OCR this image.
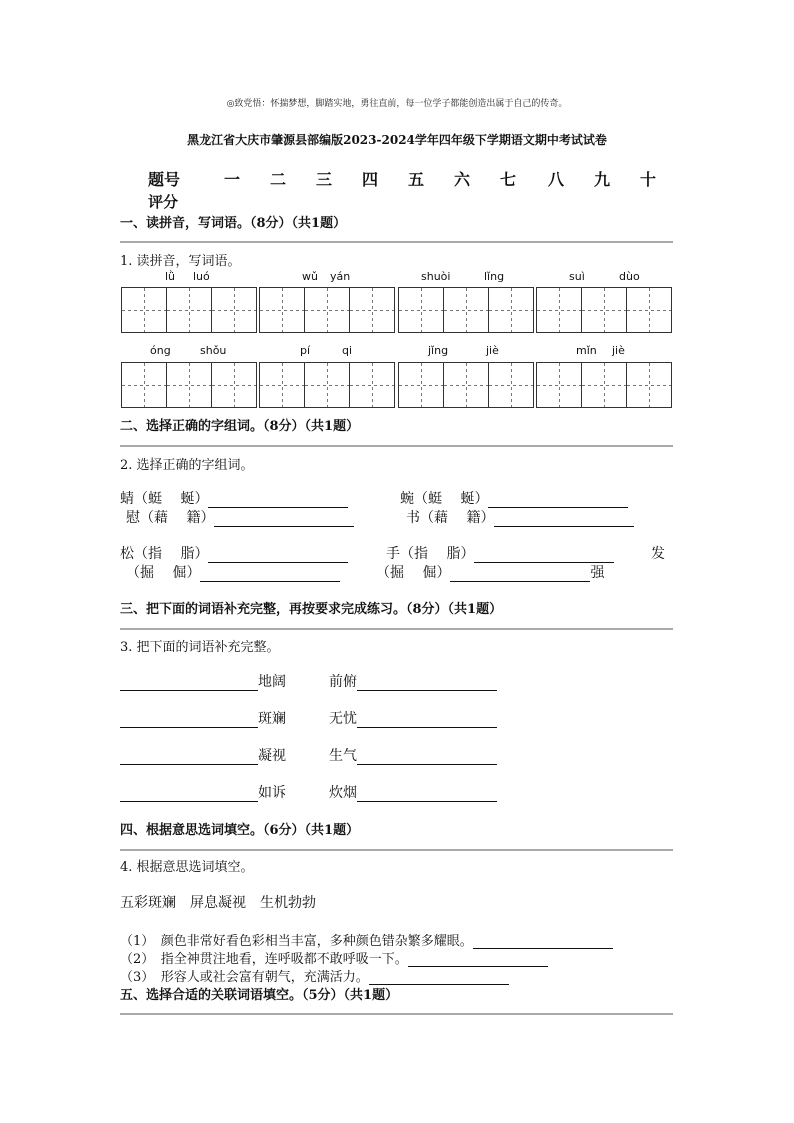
◎致党悟：怀揣梦想，脚踏实地，勇往直前，每一位学子都能创造出属于自己的传奇。
黑龙江省大庆市肇源县部编版2023-2024学年四年级下学期语文期中考试试卷
题号	一 二 三 四 五 六 七 八 九 十
评分
一、读拼音，写词语。（8分）（共1题）
1. 读拼音，写词语。
lǜ luó	wǔ yán	shuòi	lǐng	suì	dùo
óng	shǒu	pí	qi	jǐng	jiè	mǐn jiè
二、选择正确的字组词。（8分）（共1题）
2. 选择正确的字组词。
蜻（蜓　 蜒）	蜿（蜓　 蜒）
慰（藉　 籍）	书（藉　 籍）
松（指　 脂）	手（指　 脂）	发
（掘　 倔）	（掘　 倔）	强
三、把下面的词语补充完整，再按要求完成练习。（8分）（共1题）
3. 把下面的词语补充完整。
地阔	前俯
斑斓	无忧
凝视	生气
如诉	炊烟
四、根据意思选词填空。（6分）（共1题）
4. 根据意思选词填空。
五彩斑斓　屏息凝视　生机勃勃
（1）　颜色非常好看色彩相当丰富，多种颜色错杂繁多耀眼。
（2）　指全神贯注地看，连呼吸都不敢呼吸一下。
（3）　形容人或社会富有朝气，充满活力。
五、选择合适的关联词语填空。（5分）（共1题）
